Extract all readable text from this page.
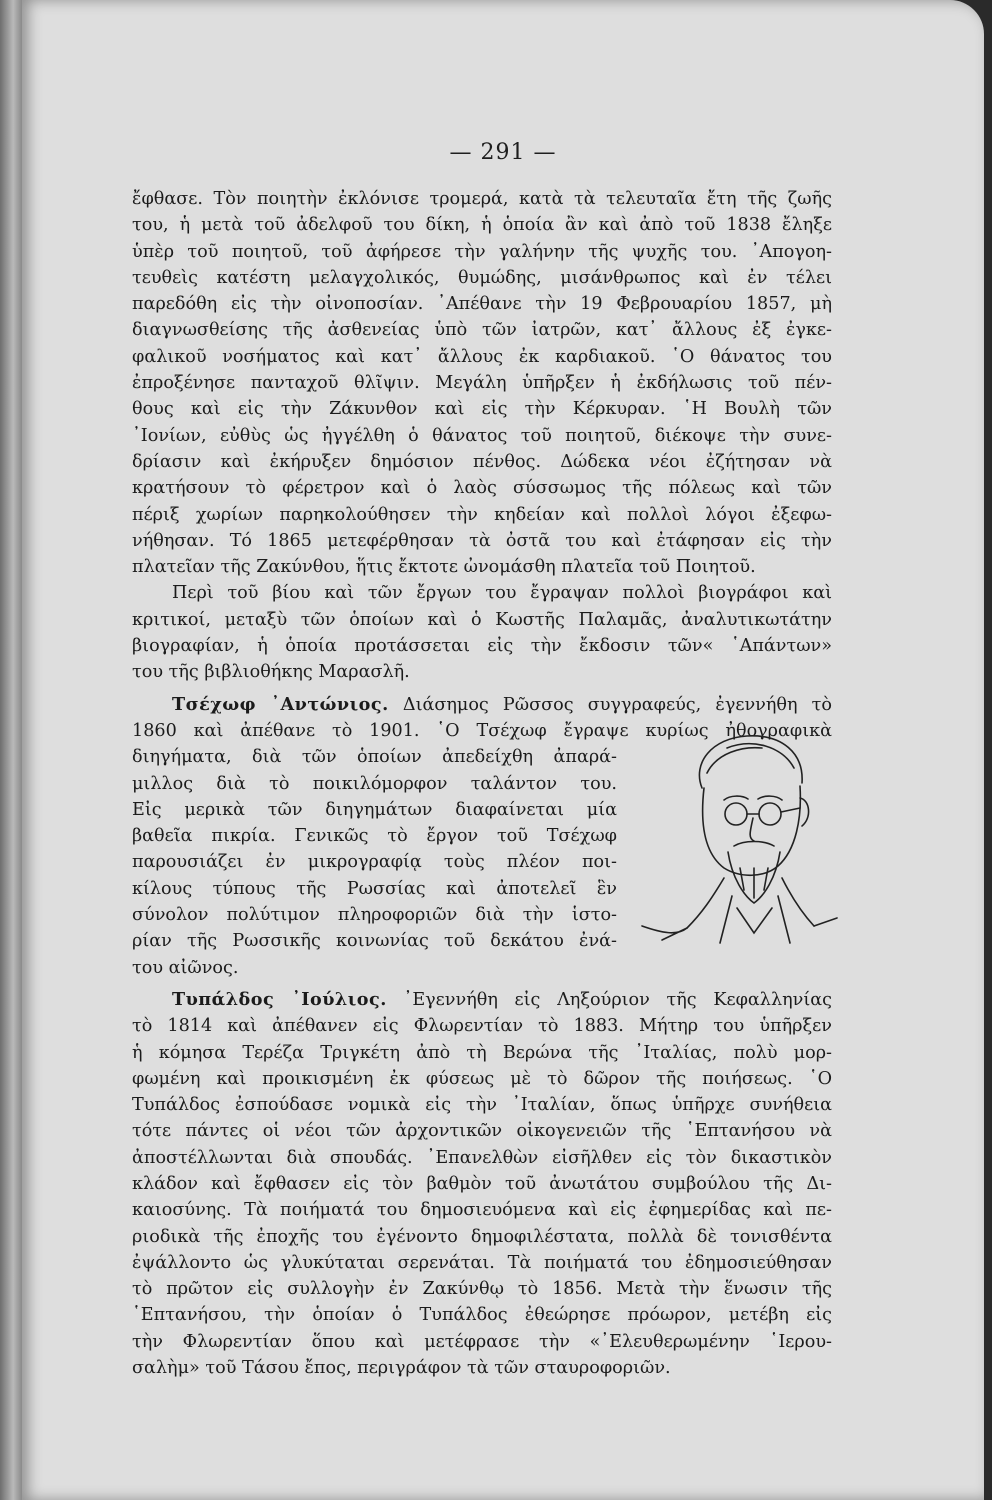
— 291 —
ἔφθασε. Τὸν ποιητὴν ἐκλόνισε τρομερά, κατὰ τὰ τελευταῖα ἔτη τῆς ζωῆς
του, ἡ μετὰ τοῦ ἀδελφοῦ του δίκη, ἡ ὁποία ἂν καὶ ἀπὸ τοῦ 1838 ἔληξε
ὑπὲρ τοῦ ποιητοῦ, τοῦ ἀφήρεσε τὴν γαλήνην τῆς ψυχῆς του. ᾿Απογοη-
τευθεὶς κατέστη μελαγχολικός, θυμώδης, μισάνθρωπος καὶ ἐν τέλει
παρεδόθη εἰς τὴν οἰνοποσίαν. ᾿Απέθανε τὴν 19 Φεβρουαρίου 1857, μὴ
διαγνωσθείσης τῆς ἀσθενείας ὑπὸ τῶν ἰατρῶν, κατ᾿ ἄλλους ἐξ ἐγκε-
φαλικοῦ νοσήματος καὶ κατ᾿ ἄλλους ἐκ καρδιακοῦ. ῾Ο θάνατος του
ἐπροξένησε πανταχοῦ θλῖψιν. Μεγάλη ὑπῆρξεν ἡ ἐκδήλωσις τοῦ πέν-
θους καὶ εἰς τὴν Ζάκυνθον καὶ εἰς τὴν Κέρκυραν. ῾Η Βουλὴ τῶν
᾿Ιονίων, εὐθὺς ὡς ἠγγέλθη ὁ θάνατος τοῦ ποιητοῦ, διέκοψε τὴν συνε-
δρίασιν καὶ ἐκήρυξεν δημόσιον πένθος. Δώδεκα νέοι ἐζήτησαν νὰ
κρατήσουν τὸ φέρετρον καὶ ὁ λαὸς σύσσωμος τῆς πόλεως καὶ τῶν
πέριξ χωρίων παρηκολούθησεν τὴν κηδείαν καὶ πολλοὶ λόγοι ἐξεφω-
νήθησαν. Τό 1865 μετεφέρθησαν τὰ ὀστᾶ του καὶ ἐτάφησαν εἰς τὴν
πλατεῖαν τῆς Ζακύνθου, ἥτις ἔκτοτε ὠνομάσθη πλατεῖα τοῦ Ποιητοῦ.
Περὶ τοῦ βίου καὶ τῶν ἔργων του ἔγραψαν πολλοὶ βιογράφοι καὶ
κριτικοί, μεταξὺ τῶν ὁποίων καὶ ὁ Κωστῆς Παλαμᾶς, ἀναλυτικωτάτην
βιογραφίαν, ἡ ὁποία προτάσσεται εἰς τὴν ἔκδοσιν τῶν« ῾Απάντων»
του τῆς βιβλιοθήκης Μαρασλῆ.
Τσέχωφ ᾿Αντώνιος. Διάσημος Ρῶσσος συγγραφεύς, ἐγεννήθη τὸ
1860 καὶ ἀπέθανε τὸ 1901. ῾Ο Τσέχωφ ἔγραψε κυρίως ἠθογραφικὰ
διηγήματα, διὰ τῶν ὁποίων ἀπεδείχθη ἀπαρά-
μιλλος διὰ τὸ ποικιλόμορφον ταλάντον του.
Εἰς μερικὰ τῶν διηγημάτων διαφαίνεται μία
βαθεῖα πικρία. Γενικῶς τὸ ἔργον τοῦ Τσέχωφ
παρουσιάζει ἐν μικρογραφίᾳ τοὺς πλέον ποι-
κίλους τύπους τῆς Ρωσσίας καὶ ἀποτελεῖ ἓν
σύνολον πολύτιμον πληροφοριῶν διὰ τὴν ἱστο-
ρίαν τῆς Ρωσσικῆς κοινωνίας τοῦ δεκάτου ἐνά-
του αἰῶνος.
Τυπάλδος ᾿Ιούλιος. ᾿Εγεννήθη εἰς Ληξούριον τῆς Κεφαλληνίας
τὸ 1814 καὶ ἀπέθανεν εἰς Φλωρεντίαν τὸ 1883. Μήτηρ του ὑπῆρξεν
ἡ κόμησα Τερέζα Τριγκέτη ἀπὸ τὴ Βερώνα τῆς ᾿Ιταλίας, πολὺ μορ-
φωμένη καὶ προικισμένη ἐκ φύσεως μὲ τὸ δῶρον τῆς ποιήσεως. ῾Ο
Τυπάλδος ἐσπούδασε νομικὰ εἰς τὴν ᾿Ιταλίαν, ὅπως ὑπῆρχε συνήθεια
τότε πάντες οἱ νέοι τῶν ἀρχοντικῶν οἰκογενειῶν τῆς ῾Επτανήσου νὰ
ἀποστέλλωνται διὰ σπουδάς. ᾿Επανελθὼν εἰσῆλθεν εἰς τὸν δικαστικὸν
κλάδον καὶ ἔφθασεν εἰς τὸν βαθμὸν τοῦ ἀνωτάτου συμβούλου τῆς Δι-
καιοσύνης. Τὰ ποιήματά του δημοσιευόμενα καὶ εἰς ἐφημερίδας καὶ πε-
ριοδικὰ τῆς ἐποχῆς του ἐγένοντο δημοφιλέστατα, πολλὰ δὲ τονισθέντα
ἐψάλλοντο ὡς γλυκύταται σερενάται. Τὰ ποιήματά του ἐδημοσιεύθησαν
τὸ πρῶτον εἰς συλλογὴν ἐν Ζακύνθῳ τὸ 1856. Μετὰ τὴν ἕνωσιν τῆς
῾Επτανήσου, τὴν ὁποίαν ὁ Τυπάλδος ἐθεώρησε πρόωρον, μετέβη εἰς
τὴν Φλωρεντίαν ὅπου καὶ μετέφρασε τὴν «᾿Ελευθερωμένην ῾Ιερου-
σαλὴμ» τοῦ Τάσου ἔπος, περιγράφον τὰ τῶν σταυροφοριῶν.
